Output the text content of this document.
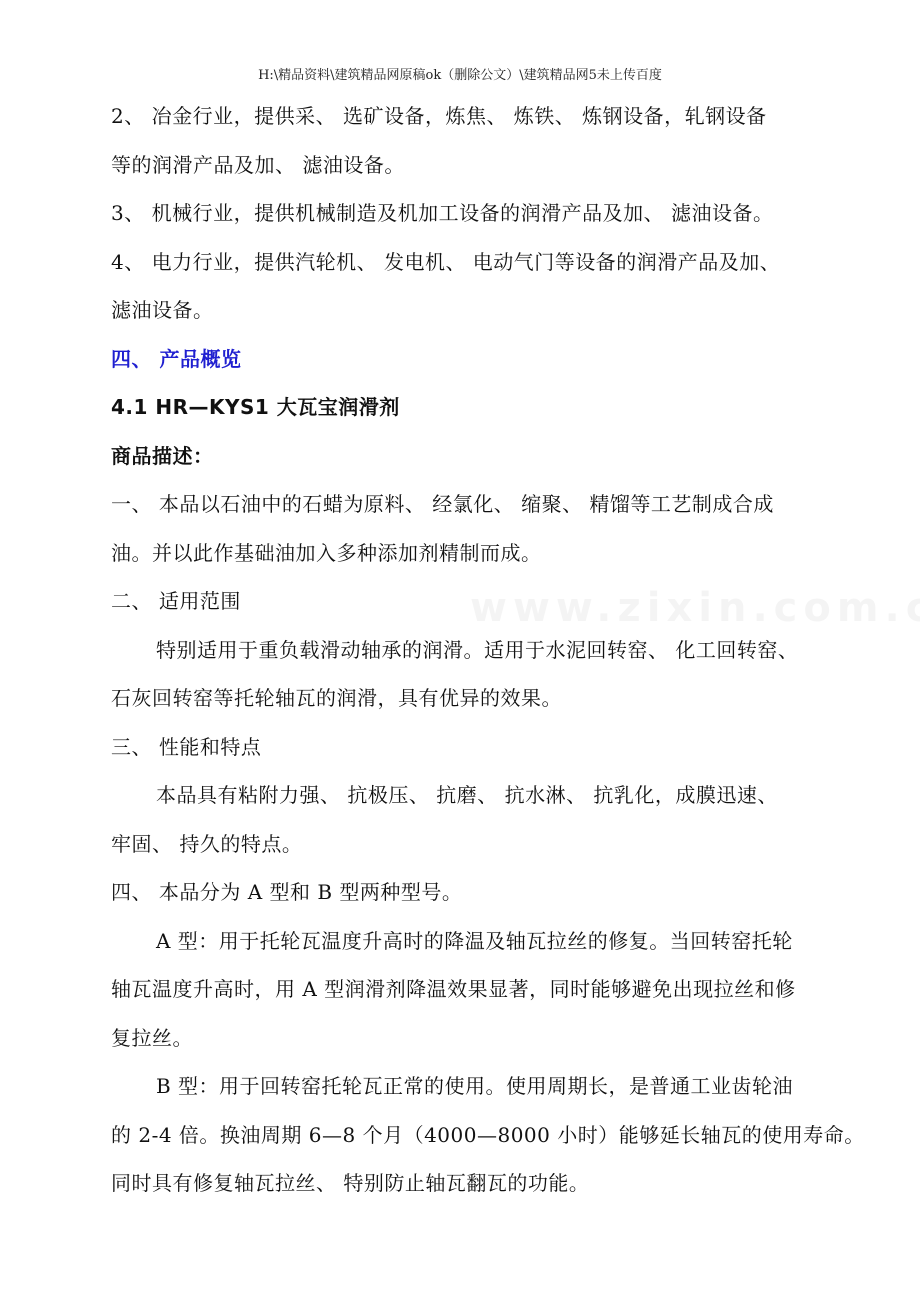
H:\精品资料\建筑精品网原稿ok（删除公文）\建筑精品网5未上传百度
2、 冶金行业，提供采、 选矿设备，炼焦、 炼铁、 炼钢设备，轧钢设备
等的润滑产品及加、 滤油设备。
3、 机械行业，提供机械制造及机加工设备的润滑产品及加、 滤油设备。
4、 电力行业，提供汽轮机、 发电机、 电动气门等设备的润滑产品及加、
滤油设备。
四、 产品概览
4.1 HR—KYS1 大瓦宝润滑剂
商品描述：
一、 本品以石油中的石蜡为原料、 经氯化、 缩聚、 精馏等工艺制成合成
油。并以此作基础油加入多种添加剂精制而成。
二、 适用范围
特别适用于重负载滑动轴承的润滑。适用于水泥回转窑、 化工回转窑、
石灰回转窑等托轮轴瓦的润滑，具有优异的效果。
三、 性能和特点
本品具有粘附力强、 抗极压、 抗磨、 抗水淋、 抗乳化，成膜迅速、
牢固、 持久的特点。
四、 本品分为 A 型和 B 型两种型号。
A 型：用于托轮瓦温度升高时的降温及轴瓦拉丝的修复。当回转窑托轮
轴瓦温度升高时，用 A 型润滑剂降温效果显著，同时能够避免出现拉丝和修
复拉丝。
B 型：用于回转窑托轮瓦正常的使用。使用周期长，是普通工业齿轮油
的 2-4 倍。换油周期 6—8 个月（4000—8000 小时）能够延长轴瓦的使用寿命。
同时具有修复轴瓦拉丝、 特别防止轴瓦翻瓦的功能。
